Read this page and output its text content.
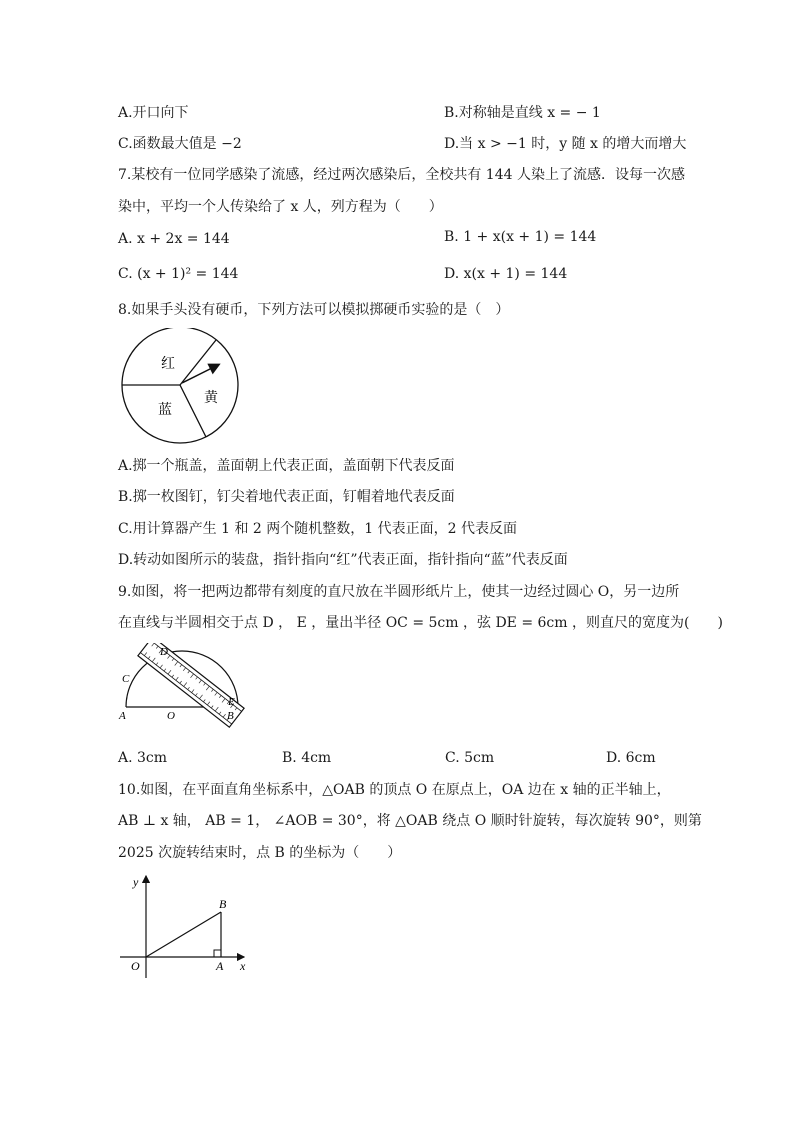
A.开口向下	B.对称轴是直线 x = − 1
C.函数最大值是 −2	D.当 x > −1 时，y 随 x 的增大而增大
7.某校有一位同学感染了流感，经过两次感染后，全校共有 144 人染上了流感．设每一次感
染中，平均一个人传染给了 x 人，列方程为（　　）
A. x + 2x = 144	B. 1 + x(x + 1) = 144
C. (x + 1)² = 144	D. x(x + 1) = 144
8.如果手头没有硬币，下列方法可以模拟掷硬币实验的是（　）
红
黄
蓝
A.掷一个瓶盖，盖面朝上代表正面，盖面朝下代表反面
B.掷一枚图钉，钉尖着地代表正面，钉帽着地代表反面
C.用计算器产生 1 和 2 两个随机整数，1 代表正面，2 代表反面
D.转动如图所示的装盘，指针指向“红”代表正面，指针指向“蓝”代表反面
9.如图，将一把两边都带有刻度的直尺放在半圆形纸片上，使其一边经过圆心 O，另一边所
在直线与半圆相交于点 D ， E ，量出半径 OC = 5cm ，弦 DE = 6cm ，则直尺的宽度为(　　)
D
C
E
A	O	B
A. 3cm	B. 4cm	C. 5cm	D. 6cm
10.如图，在平面直角坐标系中，△OAB 的顶点 O 在原点上，OA 边在 x 轴的正半轴上，
AB ⊥ x 轴， AB = 1， ∠AOB = 30°，将 △OAB 绕点 O 顺时针旋转，每次旋转 90°，则第
2025 次旋转结束时，点 B 的坐标为（　　）
y
x
B
O	A
